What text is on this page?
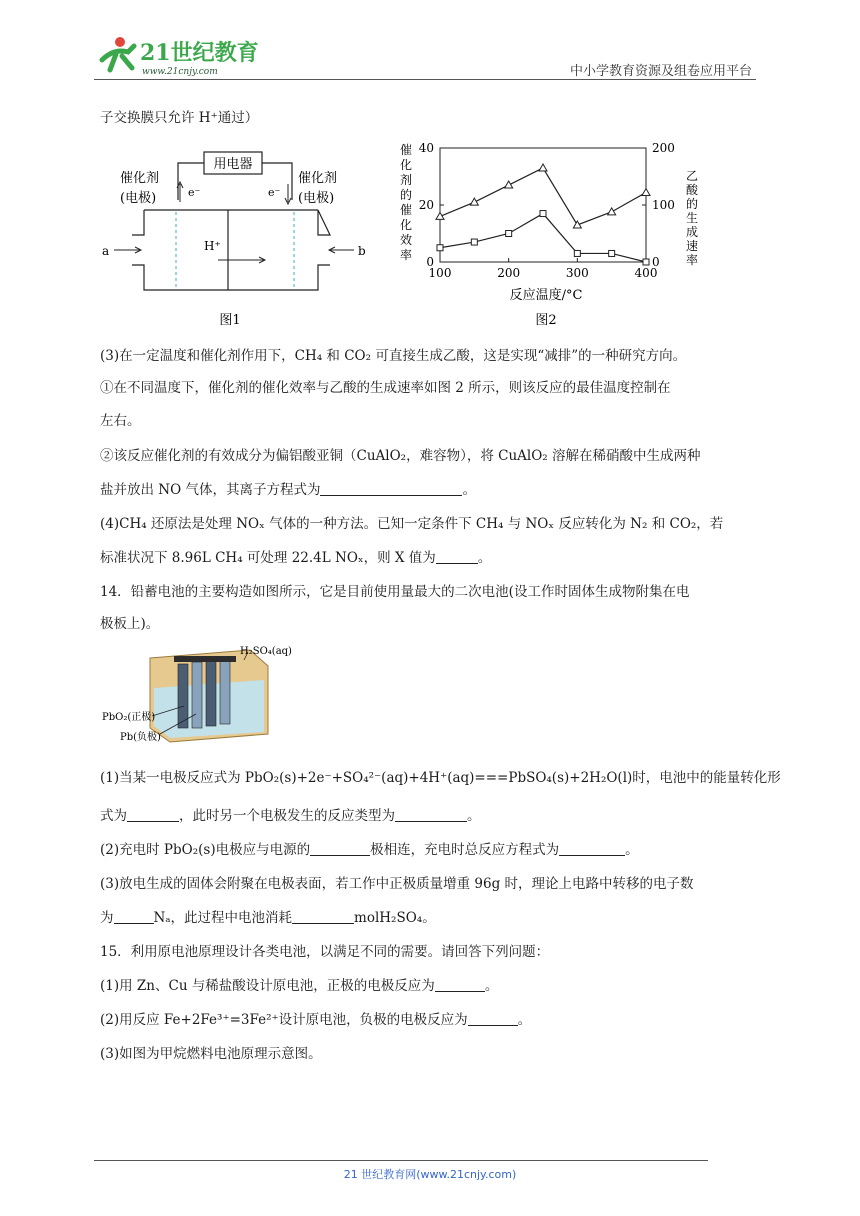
21世纪教育
www.21cnjy.com	中小学教育资源及组卷应用平台
子交换膜只允许 H⁺通过）
用电器
e⁻	e⁻
催化剂
(电极)
催化剂
(电极)
H⁺
a	b
图1
催
化
剂
的
催
化
效
率
乙
酸
的
生
成
速
率
100	200	300	400
0
20
40
0
100
200
反应温度/°C
图2
(3)在一定温度和催化剂作用下，CH₄ 和 CO₂ 可直接生成乙酸，这是实现“减排”的一种研究方向。
①在不同温度下，催化剂的催化效率与乙酸的生成速率如图 2 所示，则该反应的最佳温度控制在
左右。
②该反应催化剂的有效成分为偏铝酸亚铜（CuAlO₂，难容物），将 CuAlO₂ 溶解在稀硝酸中生成两种
盐并放出 NO 气体，其离子方程式为	。
(4)CH₄ 还原法是处理 NOₓ 气体的一种方法。已知一定条件下 CH₄ 与 NOₓ 反应转化为 N₂ 和 CO₂，若
标准状况下 8.96L CH₄ 可处理 22.4L NOₓ，则 X 值为	。
14．铅蓄电池的主要构造如图所示，它是目前使用量最大的二次电池(设工作时固体生成物附集在电
极板上)。
H₂SO₄(aq)
PbO₂(正极)
Pb(负极)
(1)当某一电极反应式为 PbO₂(s)+2e⁻+SO₄²⁻(aq)+4H⁺(aq)===PbSO₄(s)+2H₂O(l)时，电池中的能量转化形
式为	，此时另一个电极发生的反应类型为	。
(2)充电时 PbO₂(s)电极应与电源的	极相连，充电时总反应方程式为	。
(3)放电生成的固体会附聚在电极表面，若工作中正极质量增重 96g 时，理论上电路中转移的电子数
为	Nₐ，此过程中电池消耗	molH₂SO₄。
15．利用原电池原理设计各类电池，以满足不同的需要。请回答下列问题：
(1)用 Zn、Cu 与稀盐酸设计原电池，正极的电极反应为	。
(2)用反应 Fe+2Fe³⁺=3Fe²⁺设计原电池，负极的电极反应为	。
(3)如图为甲烷燃料电池原理示意图。
21 世纪教育网(www.21cnjy.com)
